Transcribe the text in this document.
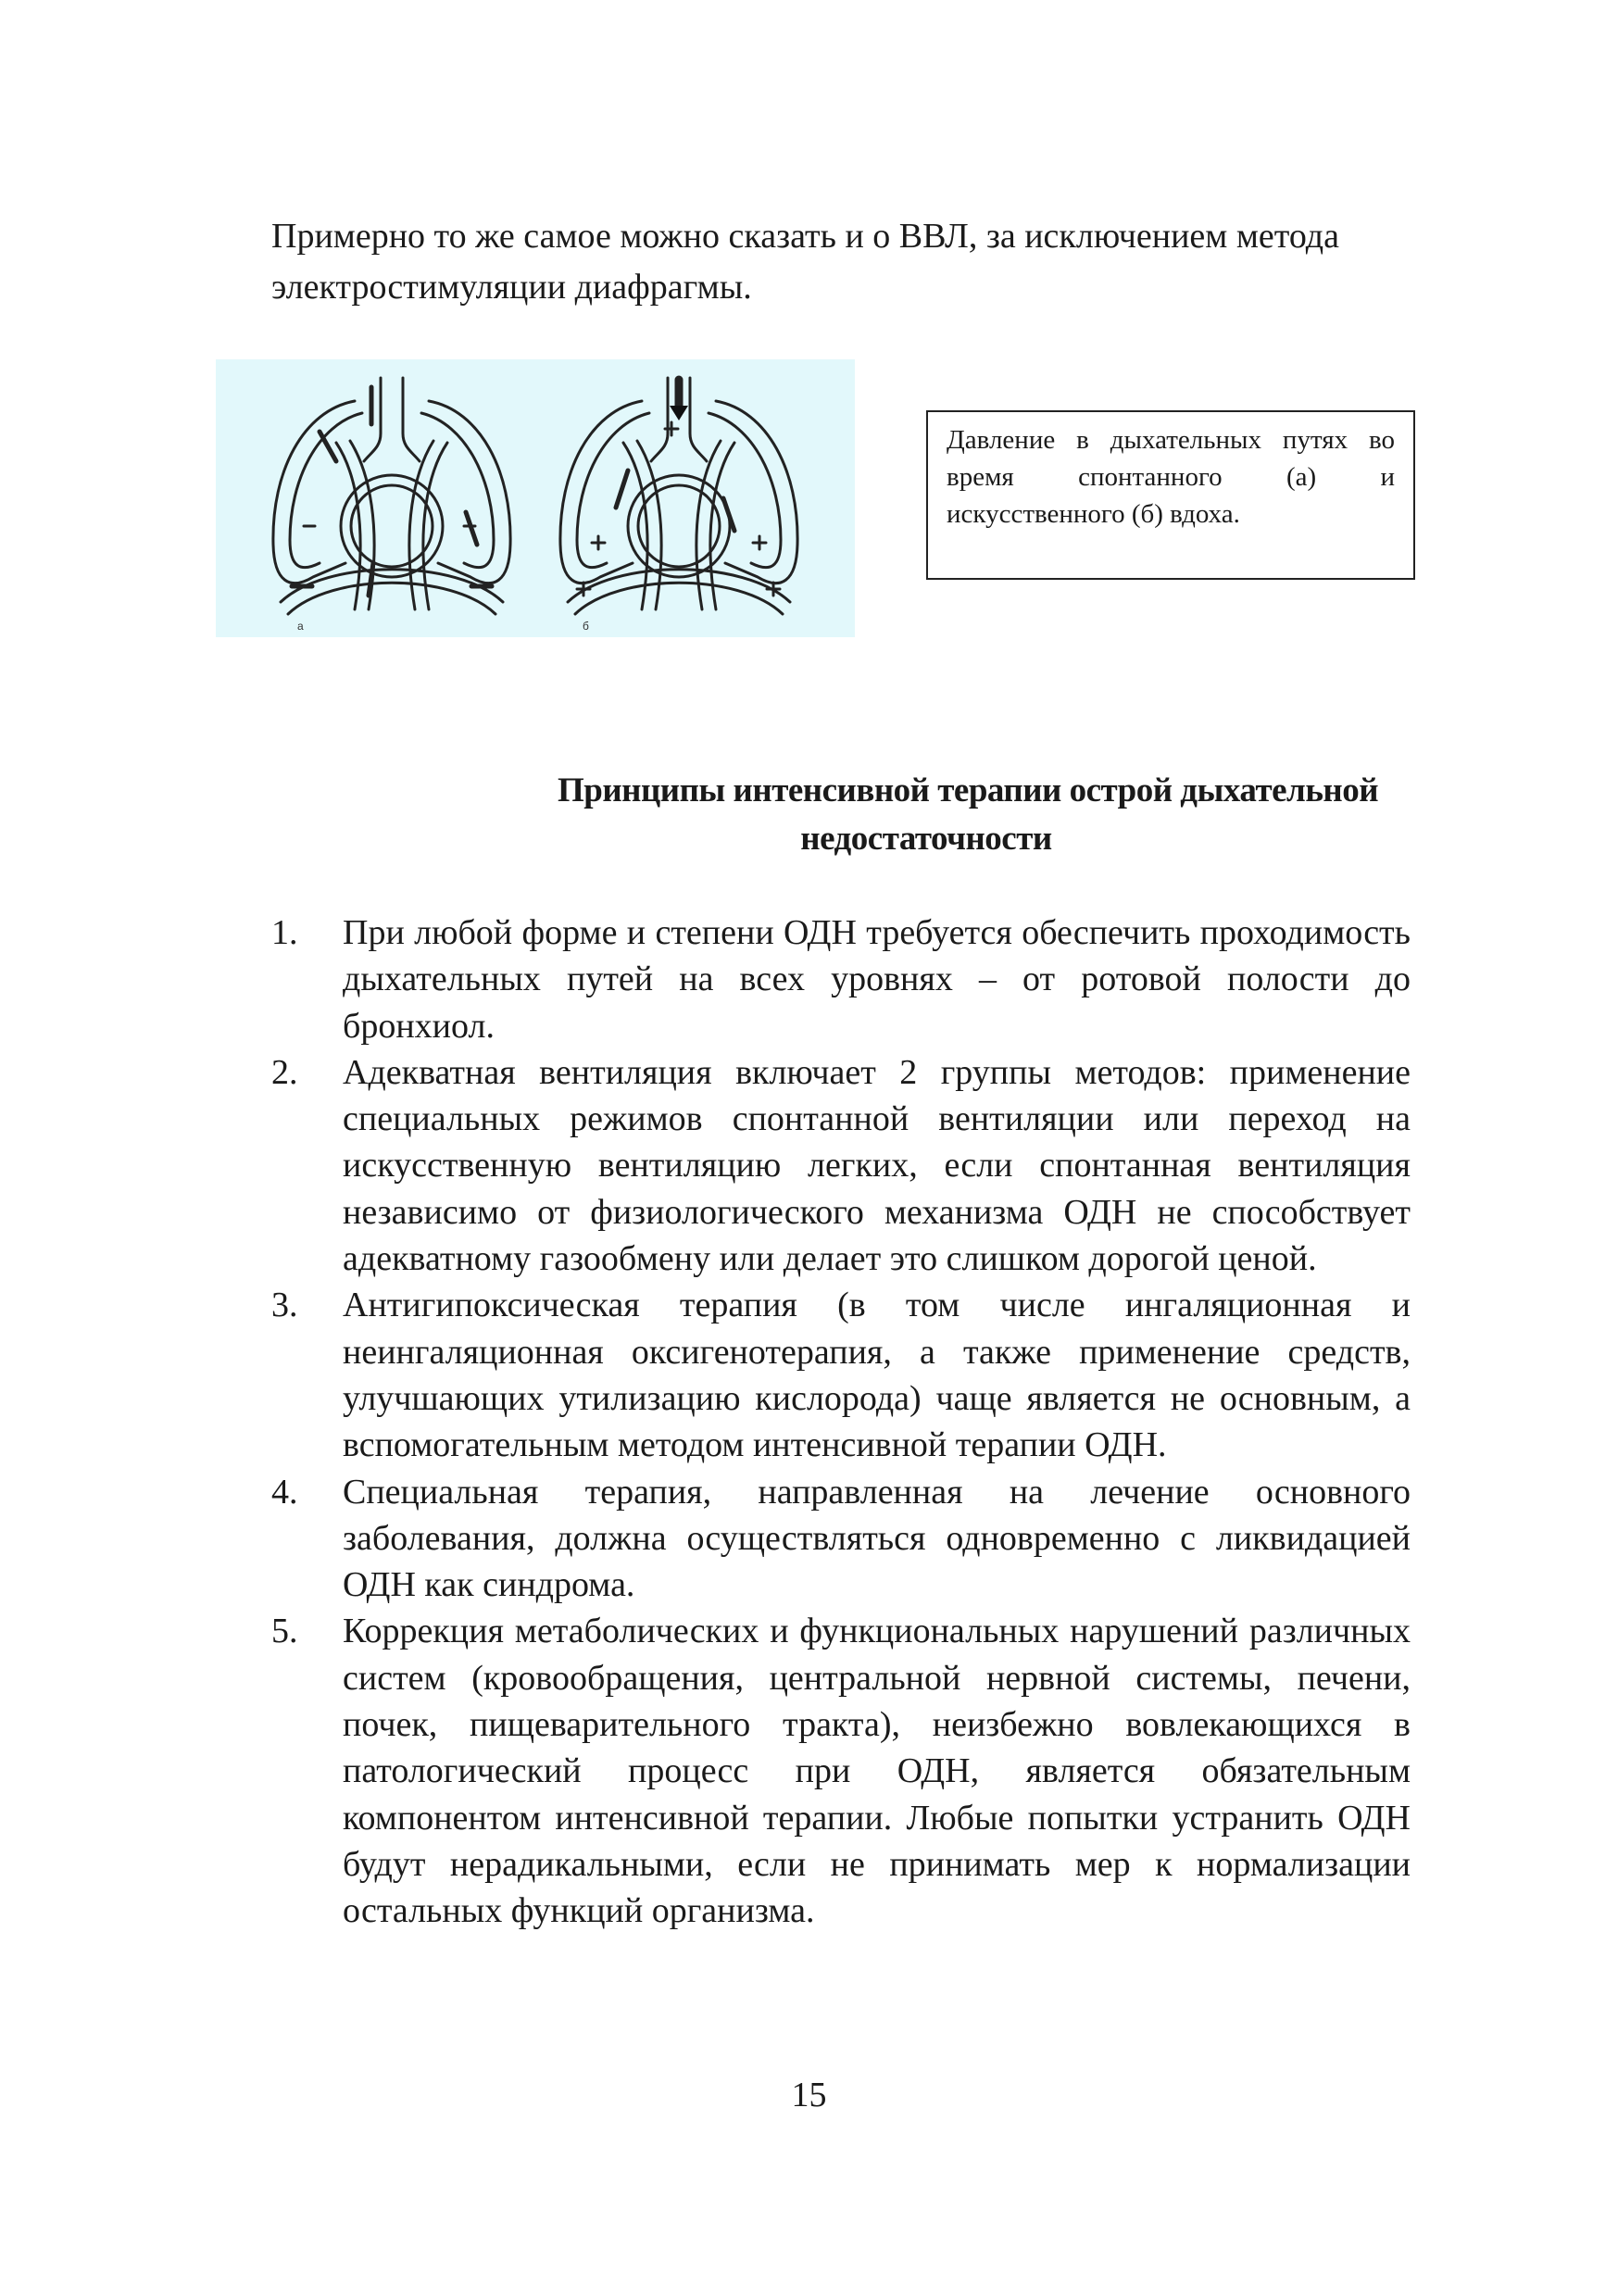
Примерно то же самое можно сказать и о ВВЛ, за исключением метода электростимуляции диафрагмы.

а	б

Давление в дыхательных путях во время спонтанного (а) и искусственного (б) вдоха.

Принципы интенсивной терапии острой дыхательной
недостаточности
1. При любой форме и степени ОДН требуется обеспечить проходимость дыхательных путей на всех уровнях – от ротовой полости до бронхиол.
2. Адекватная вентиляция включает 2 группы методов: применение специальных режимов спонтанной вентиляции или переход на искусственную вентиляцию легких, если спонтанная вентиляция независимо от физиологического механизма ОДН не способствует адекватному газообмену или делает это слишком дорогой ценой.
3. Антигипоксическая терапия (в том числе ингаляционная и неингаляционная оксигенотерапия, а также применение средств, улучшающих утилизацию кислорода) чаще является не основным, а вспомогательным методом интенсивной терапии ОДН.
4. Специальная терапия, направленная на лечение основного заболевания, должна осуществляться одновременно с ликвидацией ОДН как синдрома.
5. Коррекция метаболических и функциональных нарушений различных систем (кровообращения, центральной нервной системы, печени, почек, пищеварительного тракта), неизбежно вовлекающихся в патологический процесс при ОДН, является обязательным компонентом интенсивной терапии. Любые попытки устранить ОДН будут нерадикальными, если не принимать мер к нормализации остальных функций организма.

15
